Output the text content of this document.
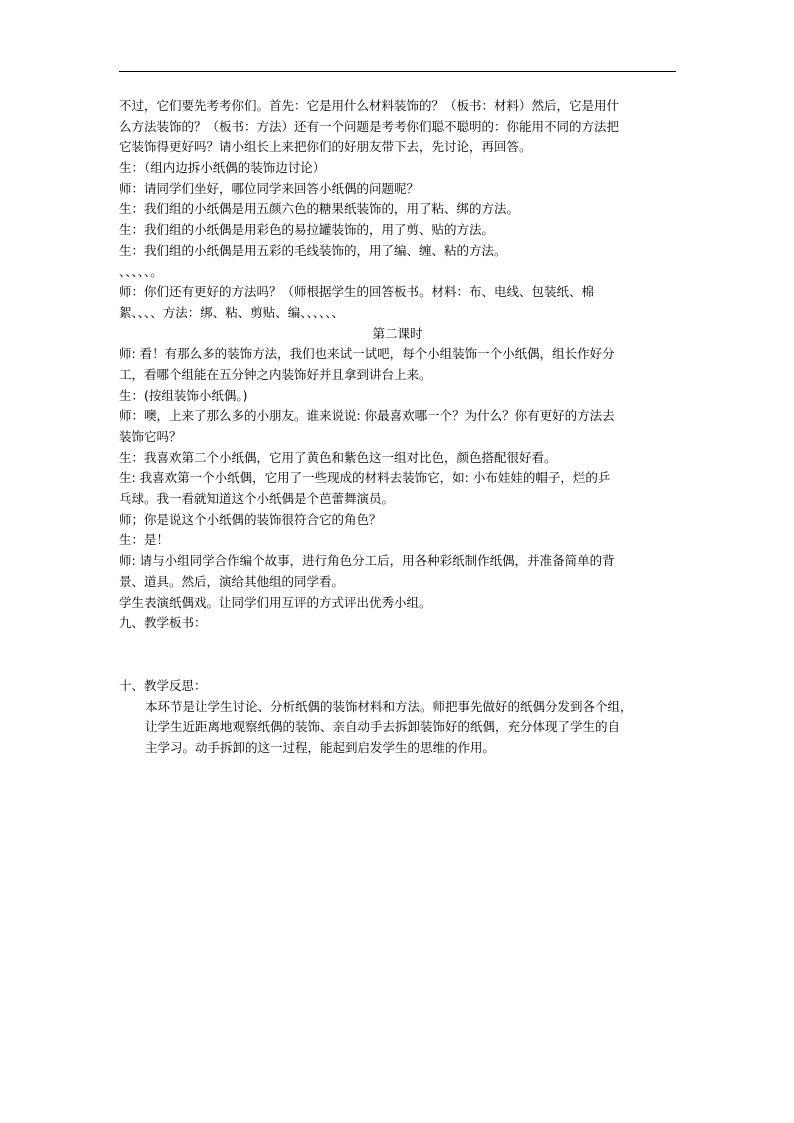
不过，它们要先考考你们。首先：它是用什么材料装饰的？（板书：材料）然后，它是用什
么方法装饰的？（板书：方法）还有一个问题是考考你们聪不聪明的：你能用不同的方法把
它装饰得更好吗？请小组长上来把你们的好朋友带下去，先讨论，再回答。
生：（组内边拆小纸偶的装饰边讨论）
师：请同学们坐好，哪位同学来回答小纸偶的问题呢？
生：我们组的小纸偶是用五颜六色的糖果纸装饰的，用了粘、绑的方法。
生：我们组的小纸偶是用彩色的易拉罐装饰的，用了剪、贴的方法。
生：我们组的小纸偶是用五彩的毛线装饰的，用了编、缠、粘的方法。
、、、、、。
师：你们还有更好的方法吗？（师根据学生的回答板书。材料：布、电线、包装纸、棉
絮、、、、方法：绑、粘、剪贴、编、、、、、、
第二课时
师: 看！有那么多的装饰方法，我们也来试一试吧，每个小组装饰一个小纸偶，组长作好分
工，看哪个组能在五分钟之内装饰好并且拿到讲台上来。
生：(按组装饰小纸偶。)
师：噢，上来了那么多的小朋友。谁来说说: 你最喜欢哪一个？为什么？你有更好的方法去
装饰它吗？
生：我喜欢第二个小纸偶，它用了黄色和紫色这一组对比色，颜色搭配很好看。
生: 我喜欢第一个小纸偶，它用了一些现成的材料去装饰它，如: 小布娃娃的帽子，烂的乒
乓球。我一看就知道这个小纸偶是个芭蕾舞演员。
师；你是说这个小纸偶的装饰很符合它的角色？
生：是！
师: 请与小组同学合作编个故事，进行角色分工后，用各种彩纸制作纸偶，并准备简单的背
景、道具。然后，演给其他组的同学看。
学生表演纸偶戏。让同学们用互评的方式评出优秀小组。
九、教学板书：
十、教学反思：
本环节是让学生讨论、分析纸偶的装饰材料和方法。师把事先做好的纸偶分发到各个组，
让学生近距离地观察纸偶的装饰、亲自动手去拆卸装饰好的纸偶，充分体现了学生的自
主学习。动手拆卸的这一过程，能起到启发学生的思维的作用。
